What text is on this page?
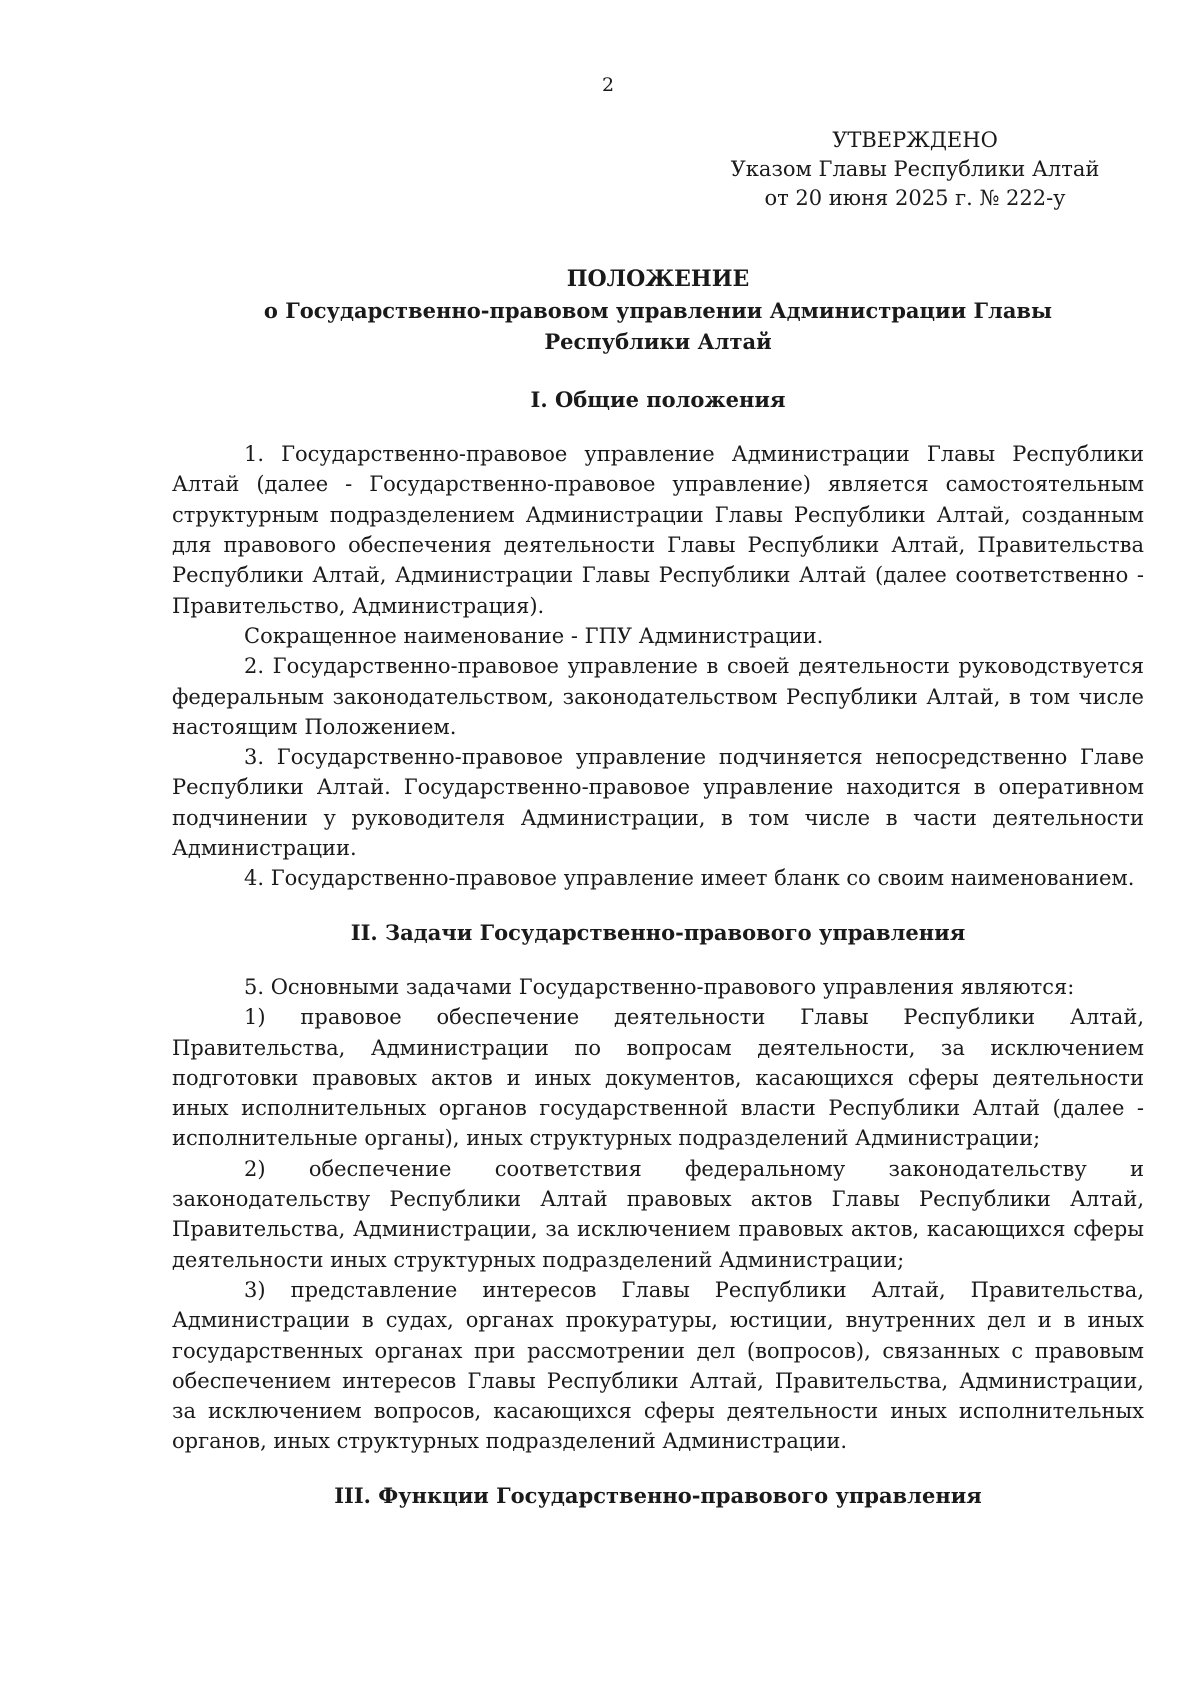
2
УТВЕРЖДЕНО
Указом Главы Республики Алтай
от 20 июня 2025 г. № 222-у
ПОЛОЖЕНИЕ
о Государственно-правовом управлении Администрации Главы
Республики Алтай
I. Общие положения

1. Государственно-правовое управление Администрации Главы Республики Алтай (далее - Государственно-правовое управление) является самостоятельным структурным подразделением Администрации Главы Республики Алтай, созданным для правового обеспечения деятельности Главы Республики Алтай, Правительства Республики Алтай, Администрации Главы Республики Алтай (далее соответственно - Правительство, Администрация).

Сокращенное наименование - ГПУ Администрации.

2. Государственно-правовое управление в своей деятельности руководствуется федеральным законодательством, законодательством Республики Алтай, в том числе настоящим Положением.

3. Государственно-правовое управление подчиняется непосредственно Главе Республики Алтай. Государственно-правовое управление находится в оперативном подчинении у руководителя Администрации, в том числе в части деятельности Администрации.

4. Государственно-правовое управление имеет бланк со своим наименованием.

II. Задачи Государственно-правового управления

5. Основными задачами Государственно-правового управления являются:

1) правовое обеспечение деятельности Главы Республики Алтай, Правительства, Администрации по вопросам деятельности, за исключением подготовки правовых актов и иных документов, касающихся сферы деятельности иных исполнительных органов государственной власти Республики Алтай (далее - исполнительные органы), иных структурных подразделений Администрации;

2) обеспечение соответствия федеральному законодательству и законодательству Республики Алтай правовых актов Главы Республики Алтай, Правительства, Администрации, за исключением правовых актов, касающихся сферы деятельности иных структурных подразделений Администрации;

3) представление интересов Главы Республики Алтай, Правительства, Администрации в судах, органах прокуратуры, юстиции, внутренних дел и в иных государственных органах при рассмотрении дел (вопросов), связанных с правовым обеспечением интересов Главы Республики Алтай, Правительства, Администрации, за исключением вопросов, касающихся сферы деятельности иных исполнительных органов, иных структурных подразделений Администрации.

III. Функции Государственно-правового управления
